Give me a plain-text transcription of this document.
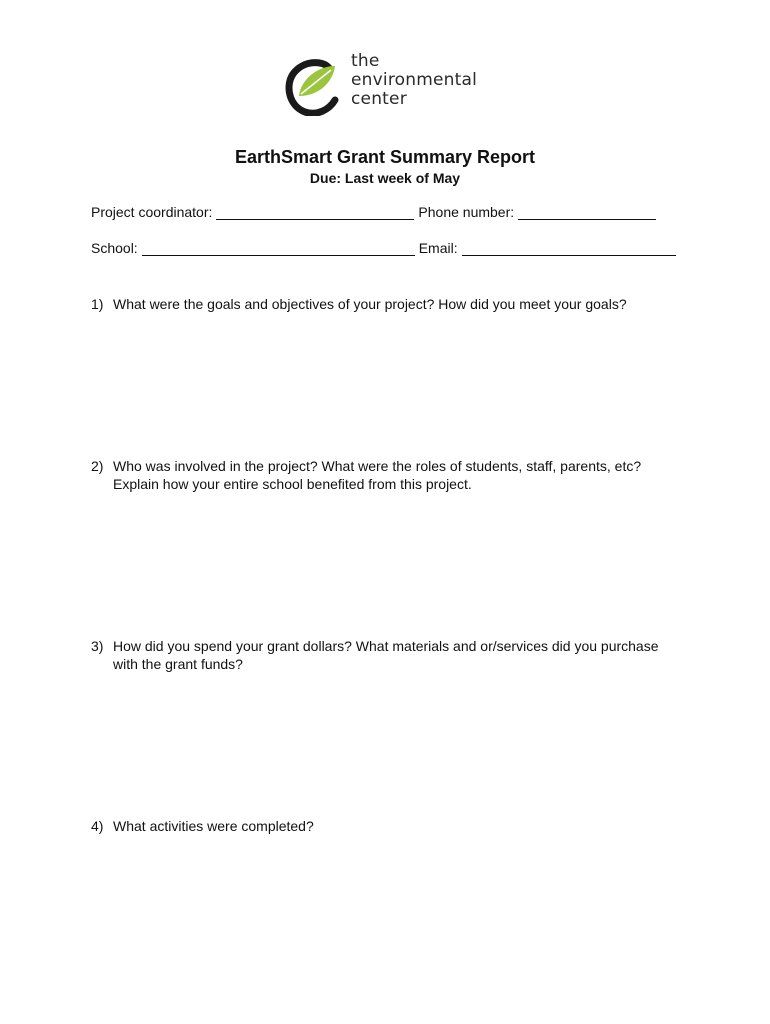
the
environmental
center
EarthSmart Grant Summary Report
Due: Last week of May
Project coordinator:	Phone number:
School:	Email:
1) What were the goals and objectives of your project? How did you meet your goals?
2) Who was involved in the project? What were the roles of students, staff, parents, etc?
Explain how your entire school benefited from this project.
3) How did you spend your grant dollars? What materials and or/services did you purchase
with the grant funds?
4) What activities were completed?
